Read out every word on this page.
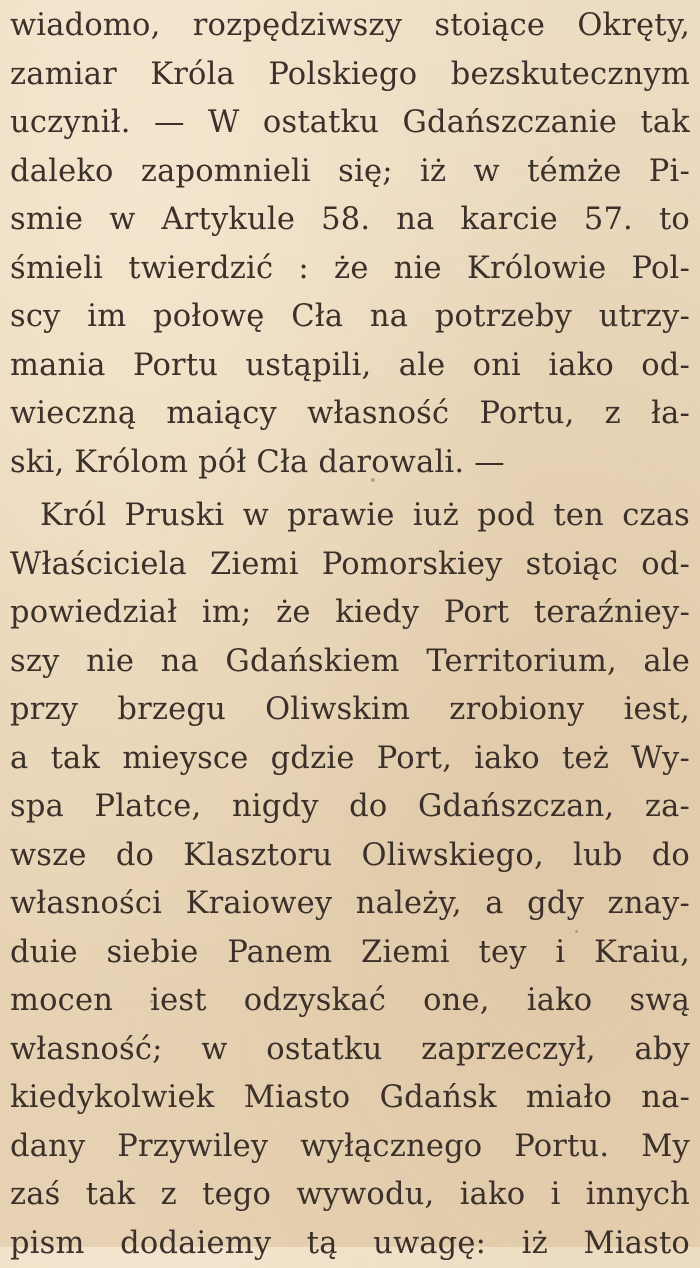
wiadomo, rozpędziwszy stoiące Okręty,
zamiar Króla Polskiego bezskutecznym
uczynił. — W ostatku Gdańszczanie tak
daleko zapomnieli się; iż w témże Pi-
smie w Artykule 58. na karcie 57. to
śmieli twierdzić : że nie Królowie Pol-
scy im połowę Cła na potrzeby utrzy-
mania Portu ustąpili, ale oni iako od-
wieczną maiący własność Portu, z ła-
ski, Królom pół Cła darowali. —
Król Pruski w prawie iuż pod ten czas
Właściciela Ziemi Pomorskiey stoiąc od-
powiedział im; że kiedy Port teraźniey-
szy nie na Gdańskiem Territorium, ale
przy brzegu Oliwskim zrobiony iest,
a tak mieysce gdzie Port, iako też Wy-
spa Platce, nigdy do Gdańszczan, za-
wsze do Klasztoru Oliwskiego, lub do
własności Kraiowey należy, a gdy znay-
duie siebie Panem Ziemi tey i Kraiu,
mocen iest odzyskać one, iako swą
własność; w ostatku zaprzeczył, aby
kiedykolwiek Miasto Gdańsk miało na-
dany Przywiley wyłącznego Portu. My
zaś tak z tego wywodu, iako i innych
pism dodaiemy tą uwagę: iż Miasto
